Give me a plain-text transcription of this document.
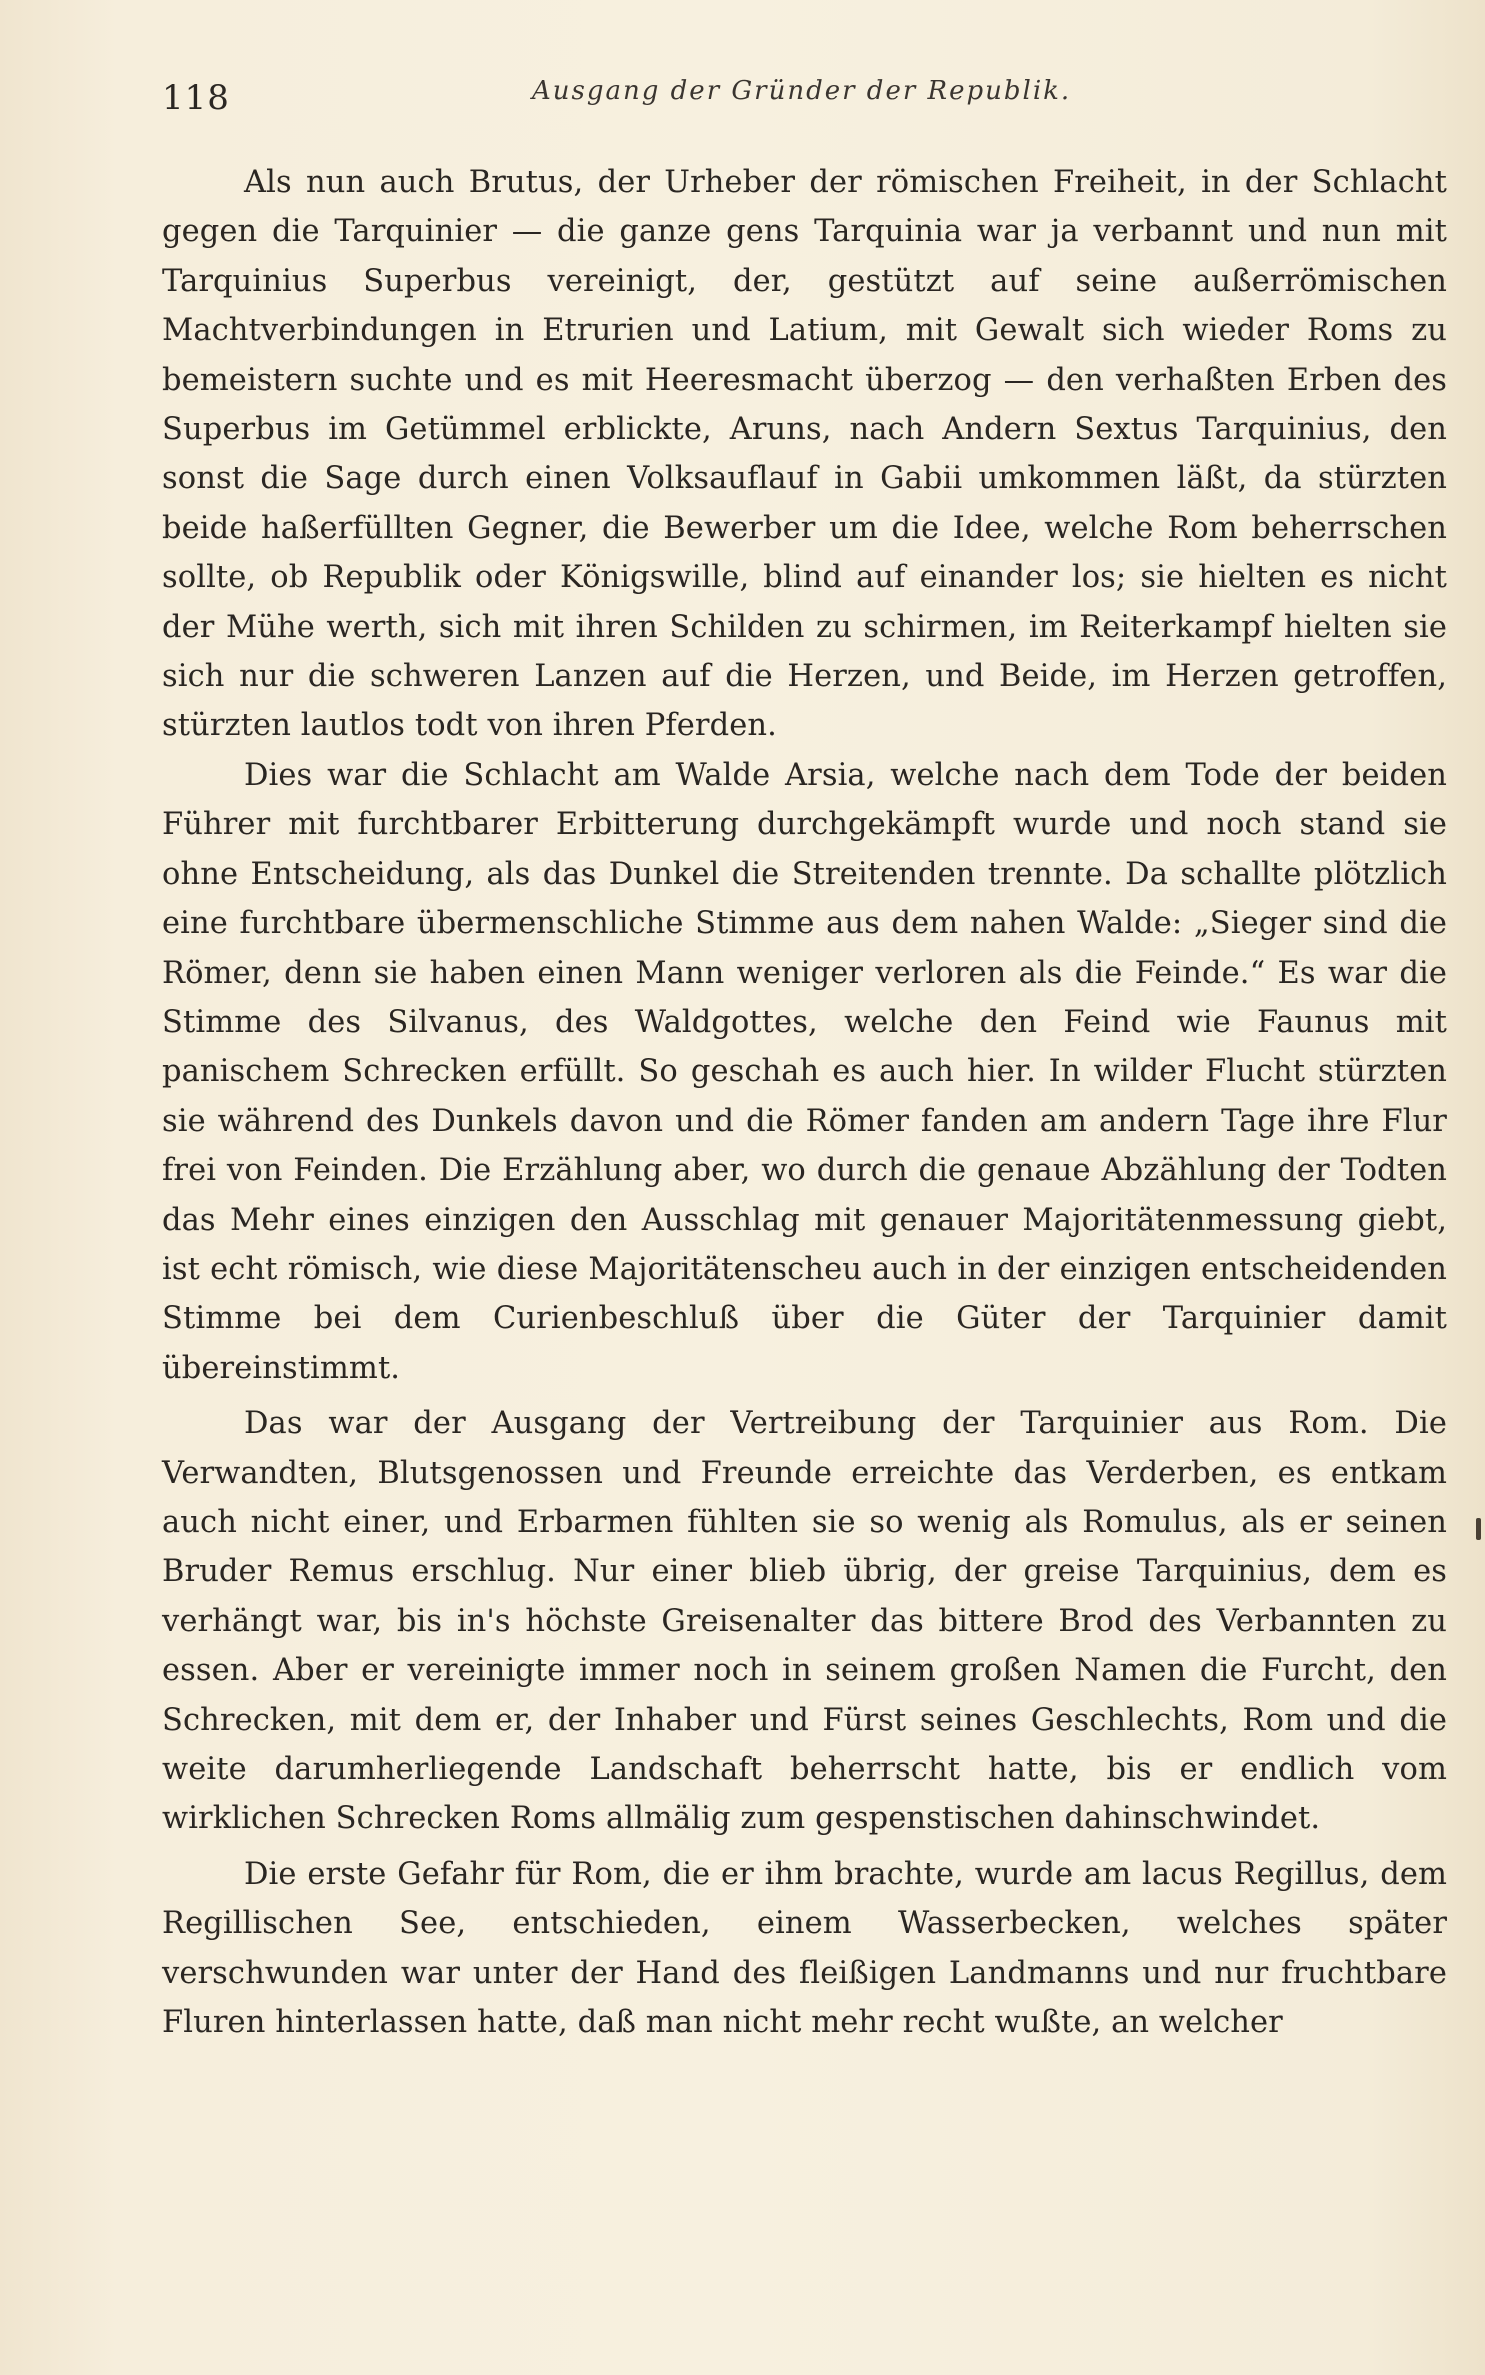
118	Ausgang der Gründer der Republik.

Als nun auch Brutus, der Urheber der römischen Freiheit, in der Schlacht gegen die Tarquinier — die ganze gens Tarquinia war ja verbannt und nun mit Tarquinius Superbus vereinigt, der, gestützt auf seine außerrömischen Machtverbindungen in Etrurien und Latium, mit Gewalt sich wieder Roms zu bemeistern suchte und es mit Heeresmacht überzog — den verhaßten Erben des Superbus im Getümmel erblickte, Aruns, nach Andern Sextus Tarquinius, den sonst die Sage durch einen Volksauflauf in Gabii umkommen läßt, da stürzten beide haßerfüllten Gegner, die Bewerber um die Idee, welche Rom beherrschen sollte, ob Republik oder Königswille, blind auf einander los; sie hielten es nicht der Mühe werth, sich mit ihren Schilden zu schirmen, im Reiterkampf hielten sie sich nur die schweren Lanzen auf die Herzen, und Beide, im Herzen getroffen, stürzten lautlos todt von ihren Pferden.

Dies war die Schlacht am Walde Arsia, welche nach dem Tode der beiden Führer mit furchtbarer Erbitterung durchgekämpft wurde und noch stand sie ohne Entscheidung, als das Dunkel die Streitenden trennte. Da schallte plötzlich eine furchtbare übermenschliche Stimme aus dem nahen Walde: „Sieger sind die Römer, denn sie haben einen Mann weniger verloren als die Feinde.“ Es war die Stimme des Silvanus, des Waldgottes, welche den Feind wie Faunus mit panischem Schrecken erfüllt. So geschah es auch hier. In wilder Flucht stürzten sie während des Dunkels davon und die Römer fanden am andern Tage ihre Flur frei von Feinden. Die Erzählung aber, wo durch die genaue Abzählung der Todten das Mehr eines einzigen den Ausschlag mit genauer Majoritätenmessung giebt, ist echt römisch, wie diese Majoritätenscheu auch in der einzigen entscheidenden Stimme bei dem Curienbeschluß über die Güter der Tarquinier damit übereinstimmt.

Das war der Ausgang der Vertreibung der Tarquinier aus Rom. Die Verwandten, Blutsgenossen und Freunde erreichte das Verderben, es entkam auch nicht einer, und Erbarmen fühlten sie so wenig als Romulus, als er seinen Bruder Remus erschlug. Nur einer blieb übrig, der greise Tarquinius, dem es verhängt war, bis in's höchste Greisenalter das bittere Brod des Verbannten zu essen. Aber er vereinigte immer noch in seinem großen Namen die Furcht, den Schrecken, mit dem er, der Inhaber und Fürst seines Geschlechts, Rom und die weite darumherliegende Landschaft beherrscht hatte, bis er endlich vom wirklichen Schrecken Roms allmälig zum gespenstischen dahinschwindet.

Die erste Gefahr für Rom, die er ihm brachte, wurde am lacus Regillus, dem Regillischen See, entschieden, einem Wasserbecken, welches später verschwunden war unter der Hand des fleißigen Landmanns und nur fruchtbare Fluren hinterlassen hatte, daß man nicht mehr recht wußte, an welcher
